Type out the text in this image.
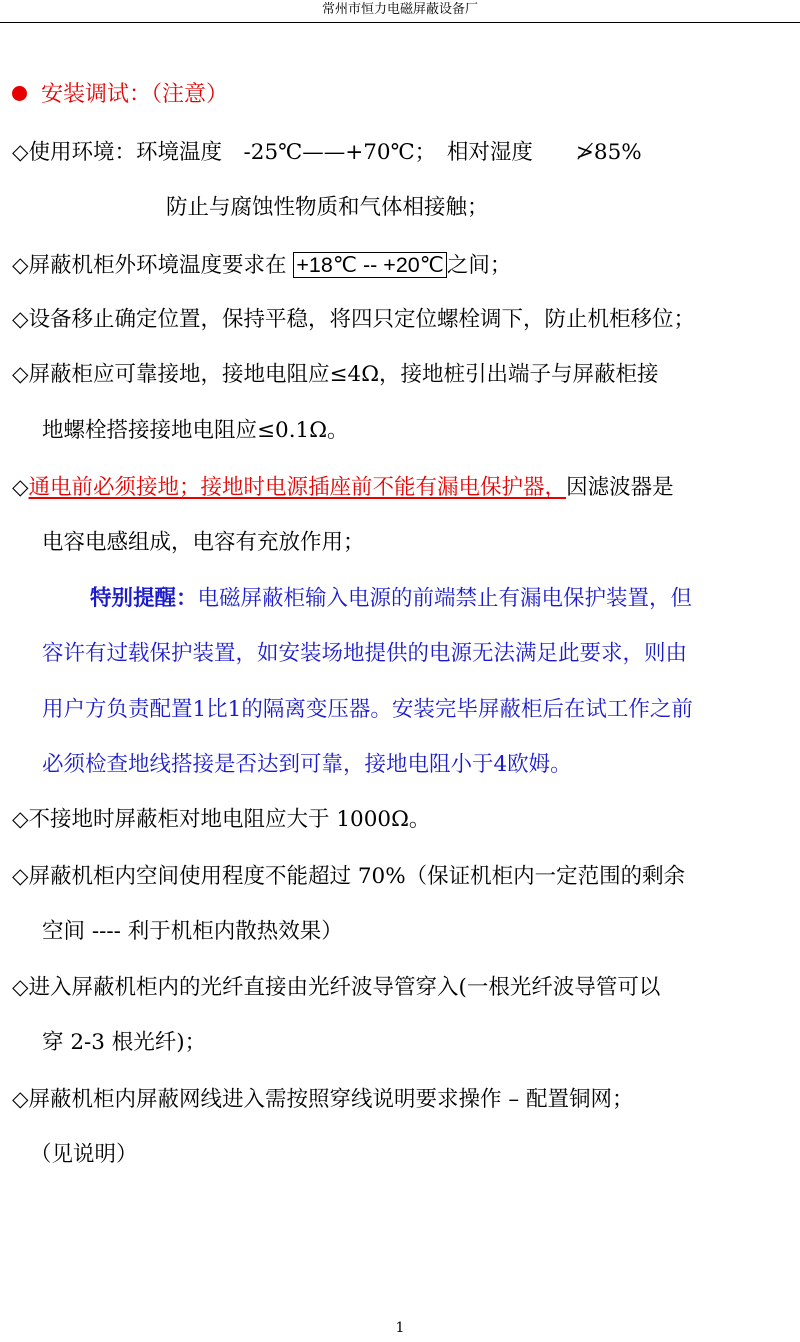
常州市恒力电磁屏蔽设备厂
安装调试：（注意）
◇使用环境：环境温度　-25℃——+70℃；　相对湿度　　≯85%
防止与腐蚀性物质和气体相接触；
◇屏蔽机柜外环境温度要求在 +18℃ -- +20℃ 之间；
◇设备移止确定位置，保持平稳，将四只定位螺栓调下，防止机柜移位；
◇屏蔽柜应可靠接地，接地电阻应≤4Ω，接地桩引出端子与屏蔽柜接
地螺栓搭接接地电阻应≤0.1Ω。
◇通电前必须接地；接地时电源插座前不能有漏电保护器，因滤波器是
电容电感组成，电容有充放作用；
特别提醒：电磁屏蔽柜输入电源的前端禁止有漏电保护装置，但
容许有过载保护装置，如安装场地提供的电源无法满足此要求，则由
用户方负责配置1比1的隔离变压器。安装完毕屏蔽柜后在试工作之前
必须检查地线搭接是否达到可靠，接地电阻小于4欧姆。
◇不接地时屏蔽柜对地电阻应大于 1000Ω。
◇屏蔽机柜内空间使用程度不能超过 70%（保证机柜内一定范围的剩余
空间 ---- 利于机柜内散热效果）
◇进入屏蔽机柜内的光纤直接由光纤波导管穿入(一根光纤波导管可以
穿 2-3 根光纤)；
◇屏蔽机柜内屏蔽网线进入需按照穿线说明要求操作 – 配置铜网；
（见说明）
1
